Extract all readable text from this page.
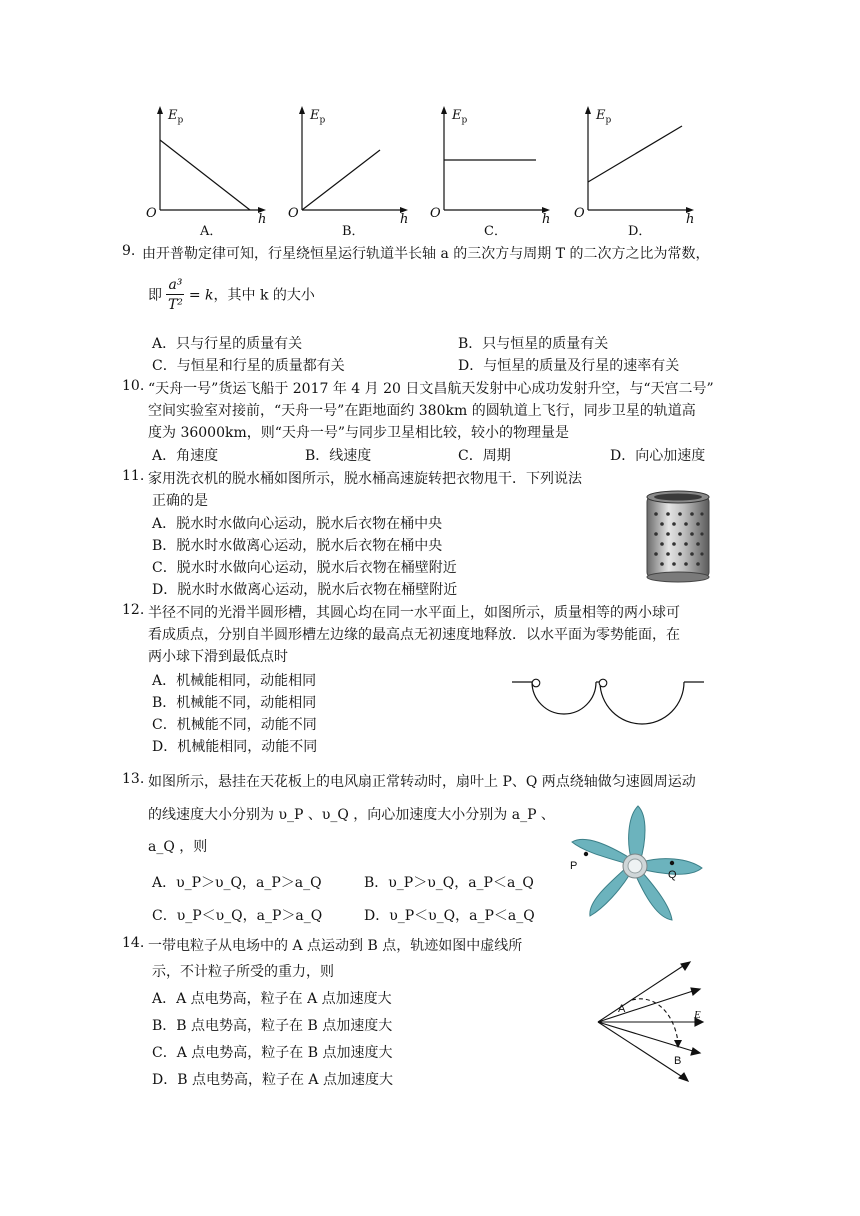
$E_p$
O	h
A．
$E_p$
O	h
B．
$E_p$
O	h
C．
$E_p$
O	h
D．
9. 由开普勒定律可知，行星绕恒星运行轨道半长轴 a 的三次方与周期 T 的二次方之比为常数，
即 $\frac{\text{a³}}{\text{T²}} = k$，其中 k 的大小
A．只与行星的质量有关	B．只与恒星的质量有关
C．与恒星和行星的质量都有关	D．与恒星的质量及行星的速率有关
10. “天舟一号”货运飞船于 2017 年 4 月 20 日文昌航天发射中心成功发射升空，与“天宫二号”
空间实验室对接前，“天舟一号”在距地面约 380km 的圆轨道上飞行，同步卫星的轨道高
度为 36000km，则“天舟一号”与同步卫星相比较，较小的物理量是
A．角速度	B．线速度	C．周期	D．向心加速度
11. 家用洗衣机的脱水桶如图所示，脱水桶高速旋转把衣物甩干．下列说法
正确的是
A．脱水时水做向心运动，脱水后衣物在桶中央
B．脱水时水做离心运动，脱水后衣物在桶中央
C．脱水时水做向心运动，脱水后衣物在桶壁附近
D．脱水时水做离心运动，脱水后衣物在桶壁附近
12. 半径不同的光滑半圆形槽，其圆心均在同一水平面上，如图所示，质量相等的两小球可
看成质点，分别自半圆形槽左边缘的最高点无初速度地释放．以水平面为零势能面，在
两小球下滑到最低点时
A．机械能相同，动能相同
B．机械能不同，动能相同
C．机械能不同，动能不同
D．机械能相同，动能不同
13. 如图所示，悬挂在天花板上的电风扇正常转动时，扇叶上 P、Q 两点绕轴做匀速圆周运动
的线速度大小分别为 υ_P 、υ_Q ，向心加速度大小分别为 a_P 、
a_Q ，则
A．υ_P＞υ_Q，a_P＞a_Q	B．υ_P＞υ_Q，a_P＜a_Q
C．υ_P＜υ_Q，a_P＞a_Q	D．υ_P＜υ_Q，a_P＜a_Q
P
Q
14. 一带电粒子从电场中的 A 点运动到 B 点，轨迹如图中虚线所
示，不计粒子所受的重力，则
A．A 点电势高，粒子在 A 点加速度大
B．B 点电势高，粒子在 B 点加速度大
C．A 点电势高，粒子在 B 点加速度大
D．B 点电势高，粒子在 A 点加速度大
A
B
E
